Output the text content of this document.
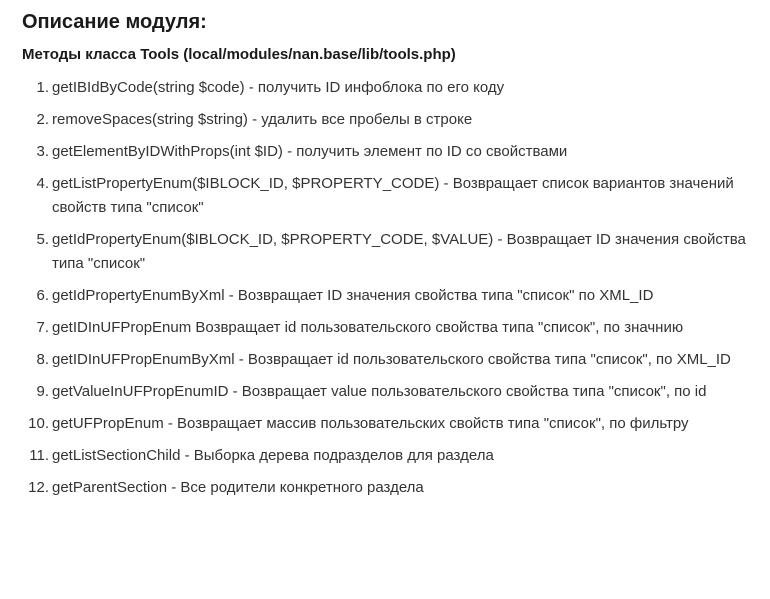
Описание модуля:
Методы класса Tools (local/modules/nan.base/lib/tools.php)
1. getIBIdByCode(string $code) - получить ID инфоблока по его коду
2. removeSpaces(string $string) - удалить все пробелы в строке
3. getElementByIDWithProps(int $ID) - получить элемент по ID со свойствами
4. getListPropertyEnum($IBLOCK_ID, $PROPERTY_CODE) - Возвращает список вариантов значений свойств типа "список"
5. getIdPropertyEnum($IBLOCK_ID, $PROPERTY_CODE, $VALUE) - Возвращает ID значения свойства типа "список"
6. getIdPropertyEnumByXml - Возвращает ID значения свойства типа "список" по XML_ID
7. getIDInUFPropEnum Возвращает id пользовательского свойства типа "список", по значнию
8. getIDInUFPropEnumByXml - Возвращает id пользовательского свойства типа "список", по XML_ID
9. getValueInUFPropEnumID - Возвращает value пользовательского свойства типа "список", по id
10. getUFPropEnum - Возвращает массив пользовательских свойств типа "список", по фильтру
11. getListSectionChild - Выборка дерева подразделов для раздела
12. getParentSection - Все родители конкретного раздела
